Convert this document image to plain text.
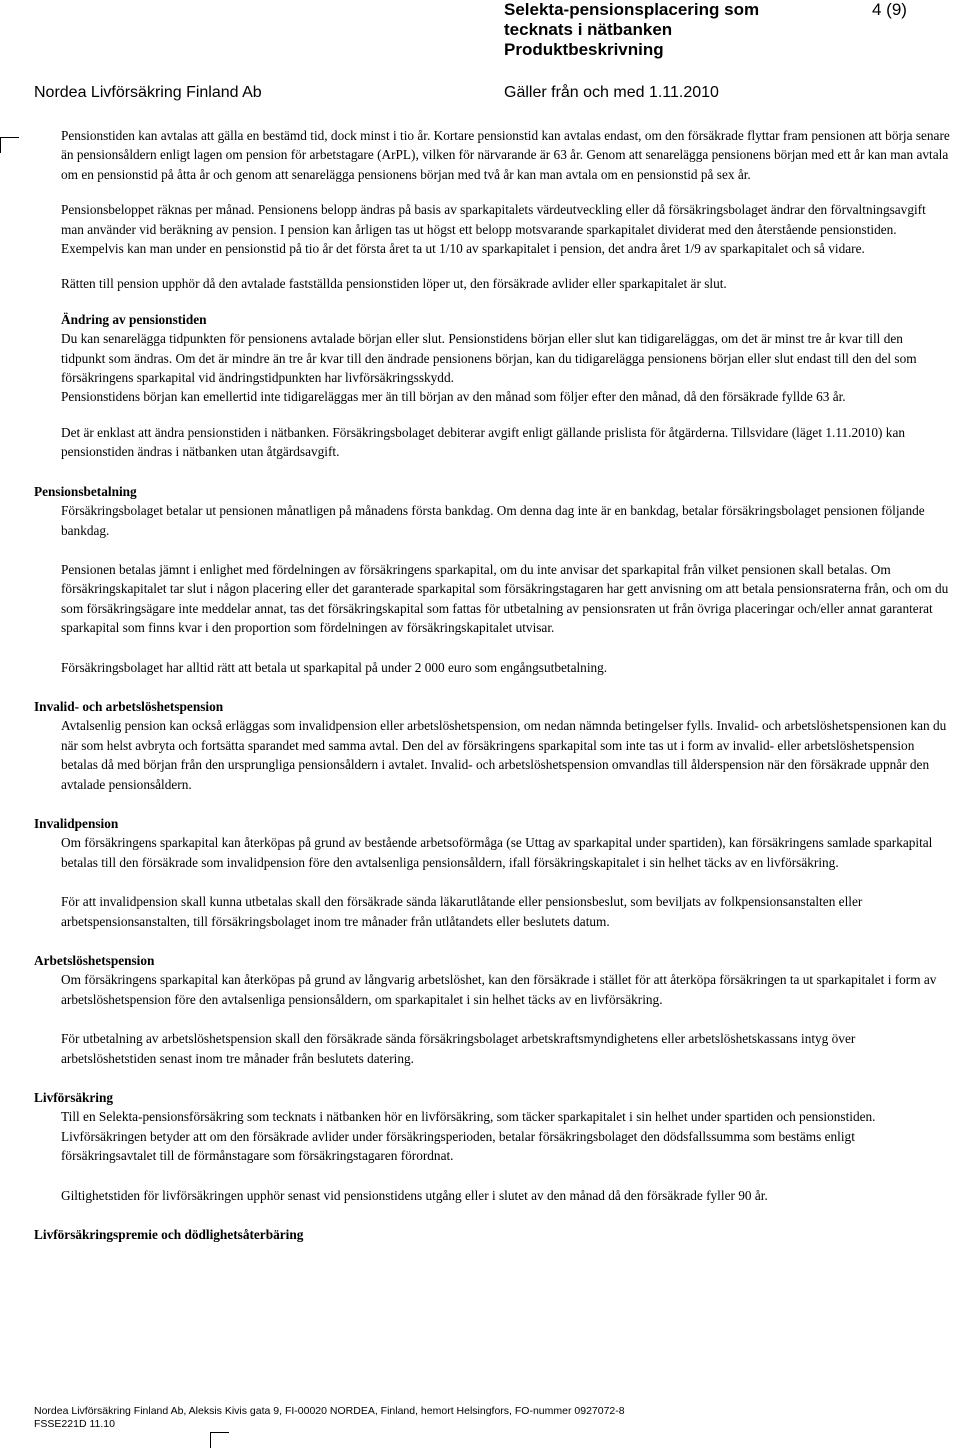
Selekta-pensionsplacering som
tecknats i nätbanken
Produktbeskrivning
4 (9)
Nordea Livförsäkring Finland Ab	Gäller från och med 1.11.2010

Pensionstiden kan avtalas att gälla en bestämd tid, dock minst i tio år. Kortare pensionstid kan avtalas endast, om den försäkrade flyttar fram pensionen att börja senare än pensionsåldern enligt lagen om pension för arbetstagare (ArPL), vilken för närvarande är 63 år. Genom att senarelägga pensionens början med ett år kan man avtala om en pensionstid på åtta år och genom att senarelägga pensionens början med två år kan man avtala om en pensionstid på sex år.

Pensionsbeloppet räknas per månad. Pensionens belopp ändras på basis av sparkapitalets värdeutveckling eller då försäkringsbolaget ändrar den förvaltningsavgift man använder vid beräkning av pension. I pension kan årligen tas ut högst ett belopp motsvarande sparkapitalet dividerat med den återstående pensionstiden. Exempelvis kan man under en pensionstid på tio år det första året ta ut 1/10 av sparkapitalet i pension, det andra året 1/9 av sparkapitalet och så vidare.

Rätten till pension upphör då den avtalade fastställda pensionstiden löper ut, den försäkrade avlider eller sparkapitalet är slut.

Ändring av pensionstiden

Du kan senarelägga tidpunkten för pensionens avtalade början eller slut. Pensionstidens början eller slut kan tidigareläggas, om det är minst tre år kvar till den tidpunkt som ändras. Om det är mindre än tre år kvar till den ändrade pensionens början, kan du tidigarelägga pensionens början eller slut endast till den del som försäkringens sparkapital vid ändringstidpunkten har livförsäkringsskydd.

Pensionstidens början kan emellertid inte tidigareläggas mer än till början av den månad som följer efter den månad, då den försäkrade fyllde 63 år.

Det är enklast att ändra pensionstiden i nätbanken. Försäkringsbolaget debiterar avgift enligt gällande prislista för åtgärderna. Tillsvidare (läget 1.11.2010) kan pensionstiden ändras i nätbanken utan åtgärdsavgift.

Pensionsbetalning

Försäkringsbolaget betalar ut pensionen månatligen på månadens första bankdag. Om denna dag inte är en bankdag, betalar försäkringsbolaget pensionen följande bankdag.

Pensionen betalas jämnt i enlighet med fördelningen av försäkringens sparkapital, om du inte anvisar det sparkapital från vilket pensionen skall betalas. Om försäkringskapitalet tar slut i någon placering eller det garanterade sparkapital som försäkringstagaren har gett anvisning om att betala pensionsraterna från, och om du som försäkringsägare inte meddelar annat, tas det försäkringskapital som fattas för utbetalning av pensionsraten ut från övriga placeringar och/eller annat garanterat sparkapital som finns kvar i den proportion som fördelningen av försäkringskapitalet utvisar.

Försäkringsbolaget har alltid rätt att betala ut sparkapital på under 2 000 euro som engångsutbetalning.

Invalid- och arbetslöshetspension

Avtalsenlig pension kan också erläggas som invalidpension eller arbetslöshetspension, om nedan nämnda betingelser fylls. Invalid- och arbetslöshetspensionen kan du när som helst avbryta och fortsätta sparandet med samma avtal. Den del av försäkringens sparkapital som inte tas ut i form av invalid- eller arbetslöshetspension betalas då med början från den ursprungliga pensionsåldern i avtalet. Invalid- och arbetslöshetspension omvandlas till ålderspension när den försäkrade uppnår den avtalade pensionsåldern.

Invalidpension

Om försäkringens sparkapital kan återköpas på grund av bestående arbetsoförmåga (se Uttag av sparkapital under spartiden), kan försäkringens samlade sparkapital betalas till den försäkrade som invalidpension före den avtalsenliga pensionsåldern, ifall försäkringskapitalet i sin helhet täcks av en livförsäkring.

För att invalidpension skall kunna utbetalas skall den försäkrade sända läkarutlåtande eller pensionsbeslut, som beviljats av folkpensionsanstalten eller arbetspensionsanstalten, till försäkringsbolaget inom tre månader från utlåtandets eller beslutets datum.

Arbetslöshetspension

Om försäkringens sparkapital kan återköpas på grund av långvarig arbetslöshet, kan den försäkrade i stället för att återköpa försäkringen ta ut sparkapitalet i form av arbetslöshetspension före den avtalsenliga pensionsåldern, om sparkapitalet i sin helhet täcks av en livförsäkring.

För utbetalning av arbetslöshetspension skall den försäkrade sända försäkringsbolaget arbetskraftsmyndighetens eller arbetslöshetskassans intyg över arbetslöshetstiden senast inom tre månader från beslutets datering.

Livförsäkring

Till en Selekta-pensionsförsäkring som tecknats i nätbanken hör en livförsäkring, som täcker sparkapitalet i sin helhet under spartiden och pensionstiden. Livförsäkringen betyder att om den försäkrade avlider under försäkringsperioden, betalar försäkringsbolaget den dödsfallssumma som bestäms enligt försäkringsavtalet till de förmånstagare som försäkringstagaren förordnat.

Giltighetstiden för livförsäkringen upphör senast vid pensionstidens utgång eller i slutet av den månad då den försäkrade fyller 90 år.

Livförsäkringspremie och dödlighetsåterbäring

Nordea Livförsäkring Finland Ab, Aleksis Kivis gata 9, FI-00020 NORDEA, Finland, hemort Helsingfors, FO-nummer 0927072-8
FSSE221D 11.10
